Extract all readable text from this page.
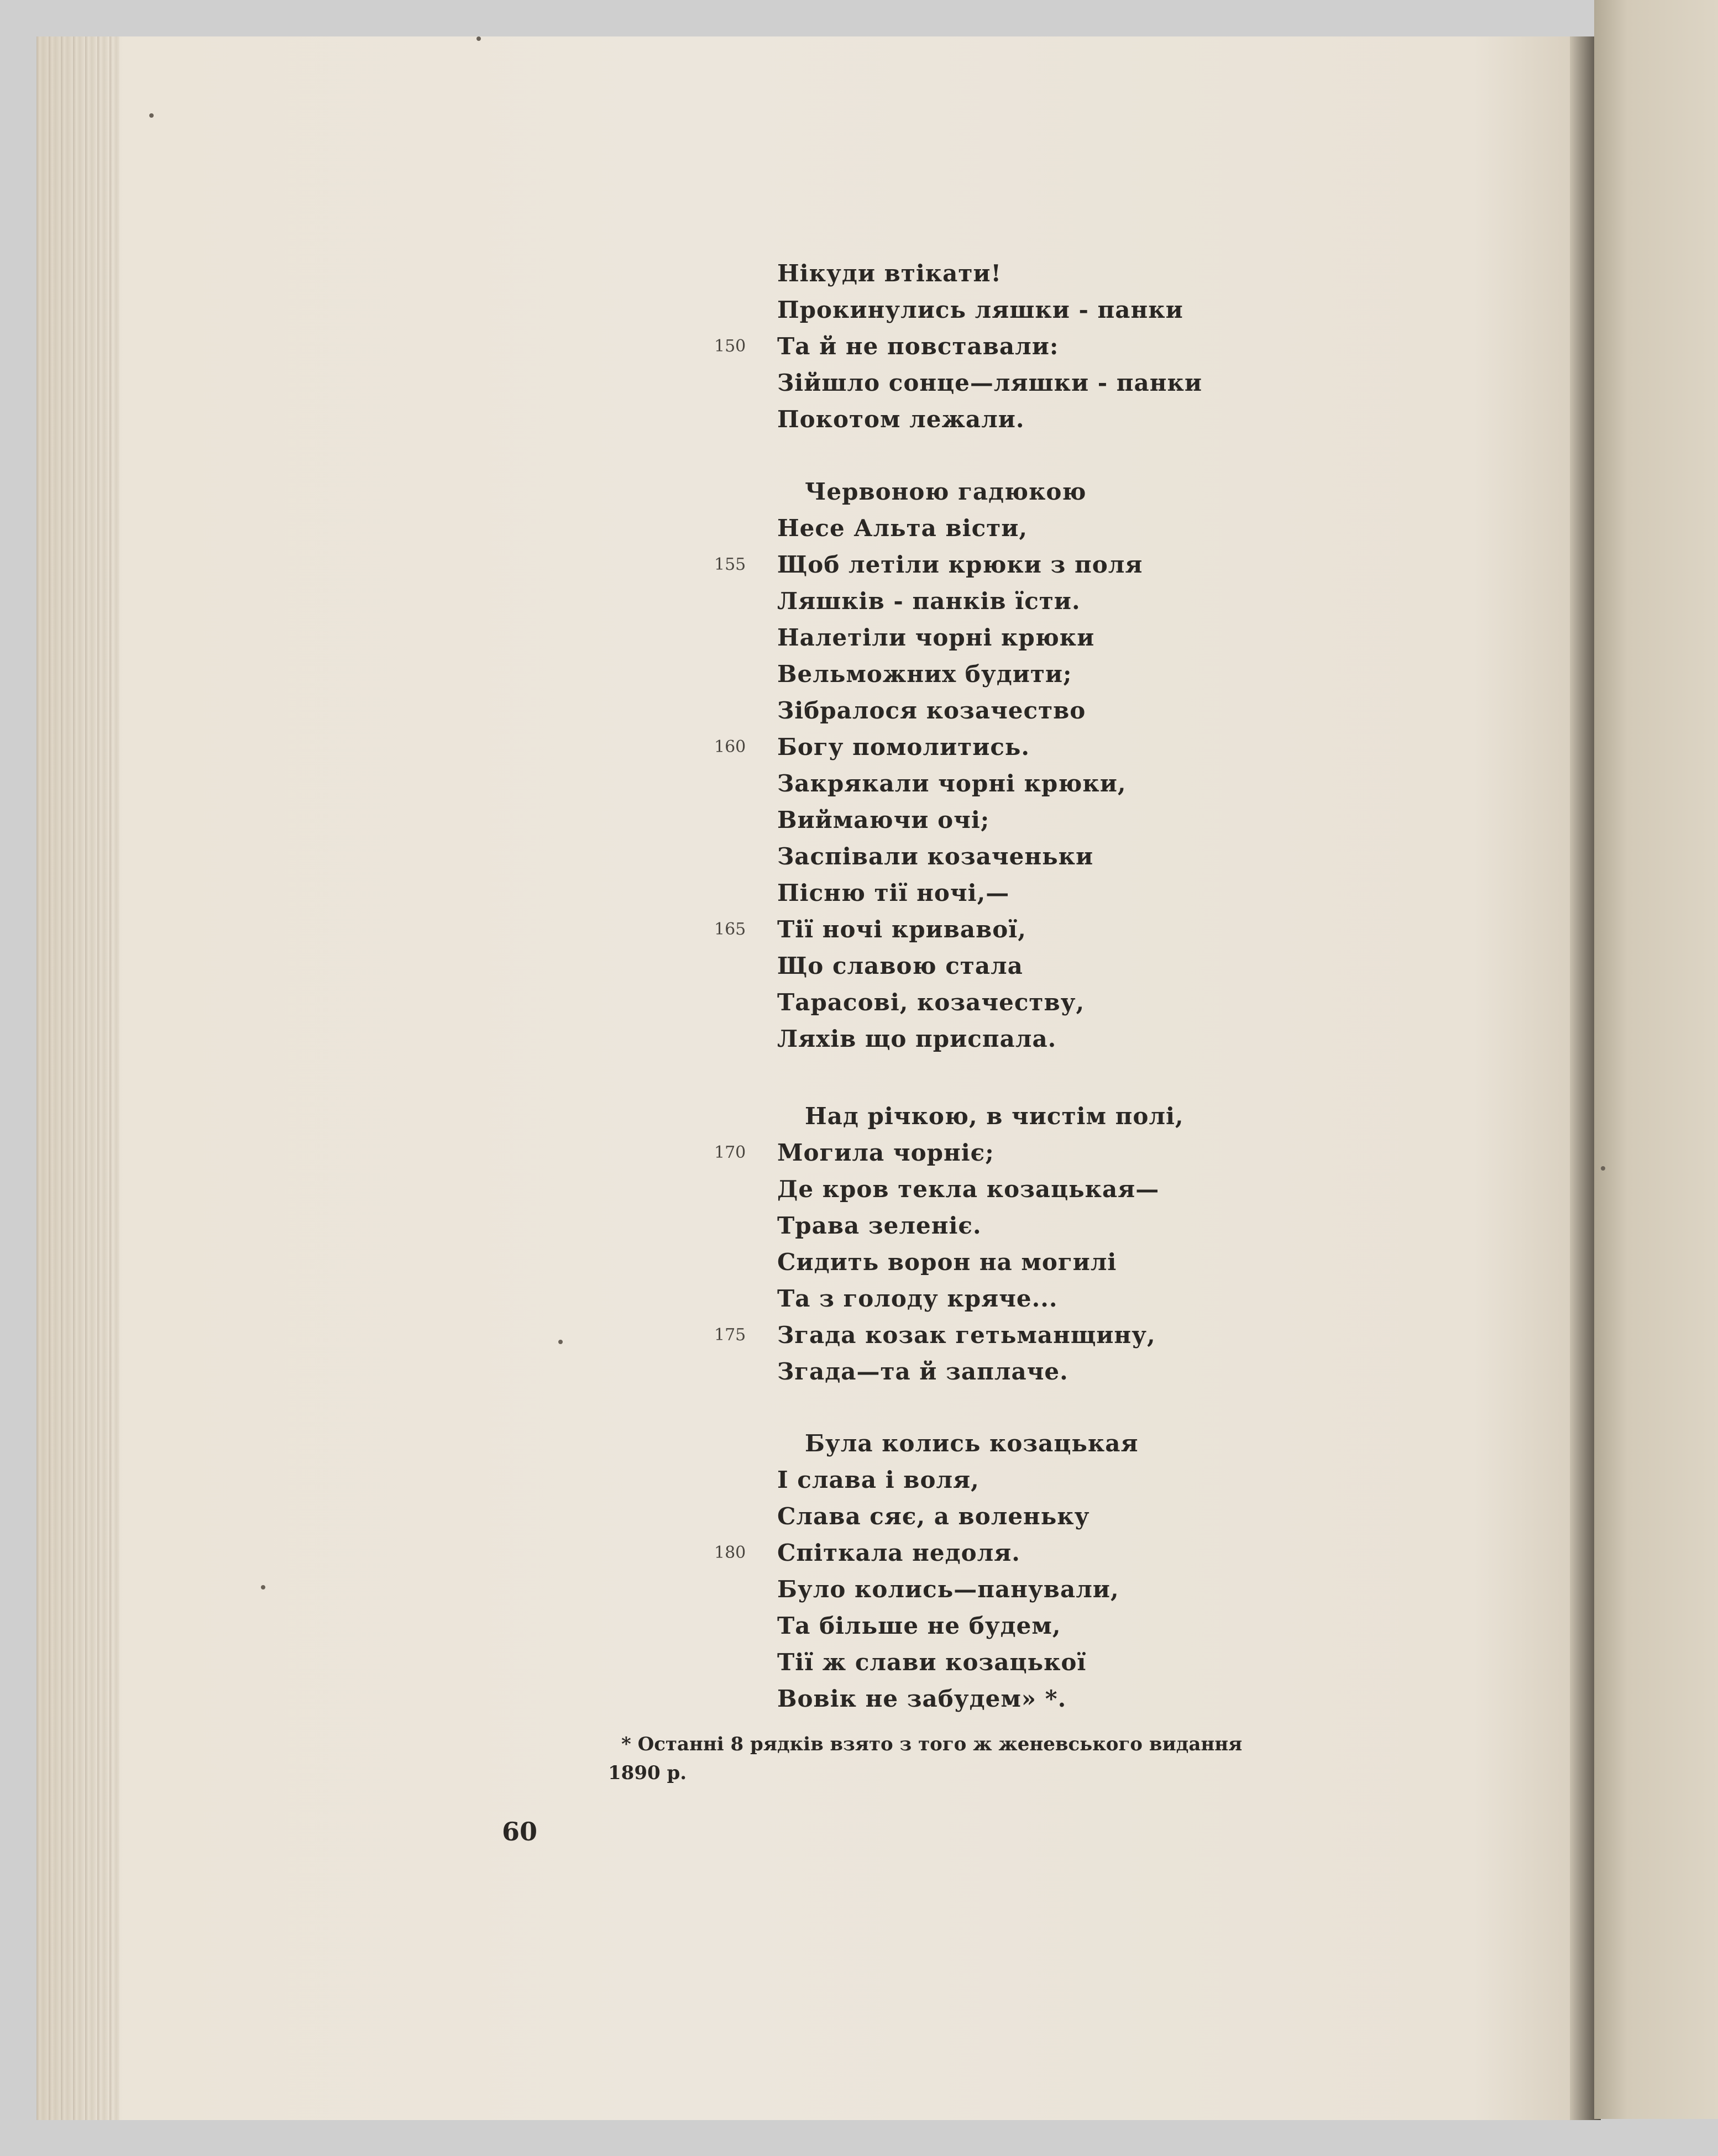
Нікуди втікати!
Прокинулись ляшки - панки
150 Та й не повставали:
Зійшло сонце—ляшки - панки
Покотом лежали.
Червоною гадюкою
Несе Альта вісти,
155 Щоб летіли крюки з поля
Ляшків - панків їсти.
Налетіли чорні крюки
Вельможних будити;
Зібралося козачество
160 Богу помолитись.
Закрякали чорні крюки,
Виймаючи очі;
Заспівали козаченьки
Пісню тії ночі,—
165 Тії ночі кривавої,
Що славою стала
Тарасові, козачеству,
Ляхів що приспала.
Над річкою, в чистім полі,
170 Могила чорніє;
Де кров текла козацькая—
Трава зеленіє.
Сидить ворон на могилі
Та з голоду кряче...
175 Згада козак гетьманщину,
Згада—та й заплаче.
Була колись козацькая
І слава і воля,
Слава сяє, а воленьку
180 Спіткала недоля.
Було колись—панували,
Та більше не будем,
Тії ж слави козацької
Вовік не забудем» *.
* Останні 8 рядків взято з того ж женевського видання
1890 р.
60
